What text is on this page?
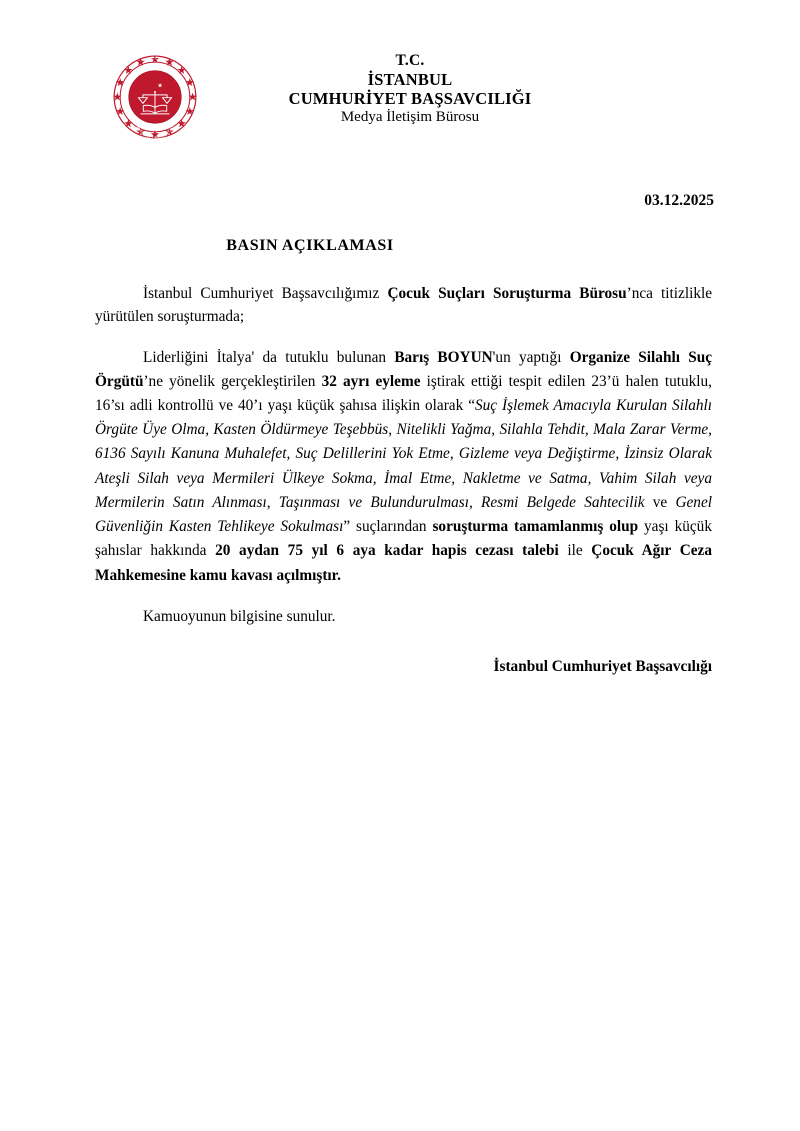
T.C.
CUMHURİYET BAŞSAVCILIĞI
T.C.
İSTANBUL
CUMHURİYET BAŞSAVCILIĞI
Medya İletişim Bürosu
03.12.2025
BASIN AÇIKLAMASI

İstanbul Cumhuriyet Başsavcılığımız Çocuk Suçları Soruşturma Bürosu’nca titizlikle yürütülen soruşturmada;

Liderliğini İtalya' da tutuklu bulunan Barış BOYUN'un yaptığı Organize Silahlı Suç Örgütü’ne yönelik gerçekleştirilen 32 ayrı eyleme iştirak ettiği tespit edilen 23’ü halen tutuklu, 16’sı adli kontrollü ve 40’ı yaşı küçük şahısa ilişkin olarak “Suç İşlemek Amacıyla Kurulan Silahlı Örgüte Üye Olma, Kasten Öldürmeye Teşebbüs, Nitelikli Yağma, Silahla Tehdit, Mala Zarar Verme, 6136 Sayılı Kanuna Muhalefet, Suç Delillerini Yok Etme, Gizleme veya Değiştirme, İzinsiz Olarak Ateşli Silah veya Mermileri Ülkeye Sokma, İmal Etme, Nakletme ve Satma, Vahim Silah veya Mermilerin Satın Alınması, Taşınması ve Bulundurulması, Resmi Belgede Sahtecilik ve Genel Güvenliğin Kasten Tehlikeye Sokulması” suçlarından soruşturma tamamlanmış olup yaşı küçük şahıslar hakkında 20 aydan 75 yıl 6 aya kadar hapis cezası talebi ile Çocuk Ağır Ceza Mahkemesine kamu kavası açılmıştır.

Kamuoyunun bilgisine sunulur.

İstanbul Cumhuriyet Başsavcılığı
